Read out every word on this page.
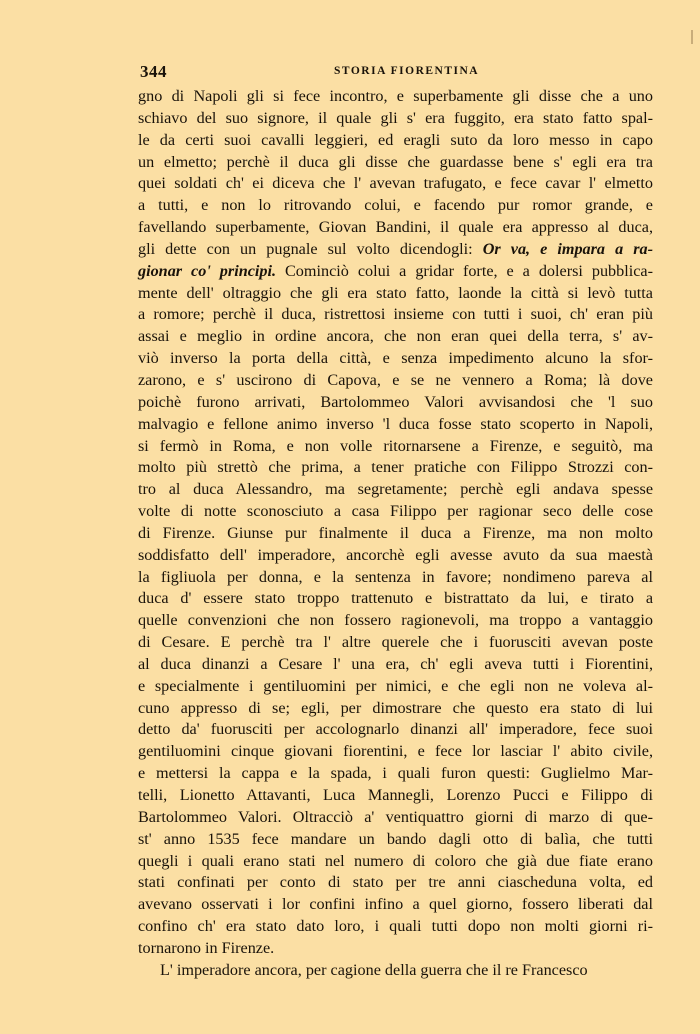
344	STORIA FIORENTINA
gno di Napoli gli si fece incontro, e superbamente gli disse che a uno
schiavo del suo signore, il quale gli s' era fuggito, era stato fatto spal-
le da certi suoi cavalli leggieri, ed eragli suto da loro messo in capo
un elmetto; perchè il duca gli disse che guardasse bene s' egli era tra
quei soldati ch' ei diceva che l' avevan trafugato, e fece cavar l' elmetto
a tutti, e non lo ritrovando colui, e facendo pur romor grande, e
favellando superbamente, Giovan Bandini, il quale era appresso al duca,
gli dette con un pugnale sul volto dicendogli: Or va, e impara a ra-
gionar co' principi. Cominciò colui a gridar forte, e a dolersi pubblica-
mente dell' oltraggio che gli era stato fatto, laonde la città si levò tutta
a romore; perchè il duca, ristrettosi insieme con tutti i suoi, ch' eran più
assai e meglio in ordine ancora, che non eran quei della terra, s' av-
viò inverso la porta della città, e senza impedimento alcuno la sfor-
zarono, e s' uscirono di Capova, e se ne vennero a Roma; là dove
poichè furono arrivati, Bartolommeo Valori avvisandosi che 'l suo
malvagio e fellone animo inverso 'l duca fosse stato scoperto in Napoli,
si fermò in Roma, e non volle ritornarsene a Firenze, e seguitò, ma
molto più strettò che prima, a tener pratiche con Filippo Strozzi con-
tro al duca Alessandro, ma segretamente; perchè egli andava spesse
volte di notte sconosciuto a casa Filippo per ragionar seco delle cose
di Firenze. Giunse pur finalmente il duca a Firenze, ma non molto
soddisfatto dell' imperadore, ancorchè egli avesse avuto da sua maestà
la figliuola per donna, e la sentenza in favore; nondimeno pareva al
duca d' essere stato troppo trattenuto e bistrattato da lui, e tirato a
quelle convenzioni che non fossero ragionevoli, ma troppo a vantaggio
di Cesare. E perchè tra l' altre querele che i fuorusciti avevan poste
al duca dinanzi a Cesare l' una era, ch' egli aveva tutti i Fiorentini,
e specialmente i gentiluomini per nimici, e che egli non ne voleva al-
cuno appresso di se; egli, per dimostrare che questo era stato di lui
detto da' fuorusciti per accolognarlo dinanzi all' imperadore, fece suoi
gentiluomini cinque giovani fiorentini, e fece lor lasciar l' abito civile,
e mettersi la cappa e la spada, i quali furon questi: Guglielmo Mar-
telli, Lionetto Attavanti, Luca Mannegli, Lorenzo Pucci e Filippo di
Bartolommeo Valori. Oltracciò a' ventiquattro giorni di marzo di que-
st' anno 1535 fece mandare un bando dagli otto di balìa, che tutti
quegli i quali erano stati nel numero di coloro che già due fiate erano
stati confinati per conto di stato per tre anni ciascheduna volta, ed
avevano osservati i lor confini infino a quel giorno, fossero liberati dal
confino ch' era stato dato loro, i quali tutti dopo non molti giorni ri-
tornarono in Firenze.
L' imperadore ancora, per cagione della guerra che il re Francesco
